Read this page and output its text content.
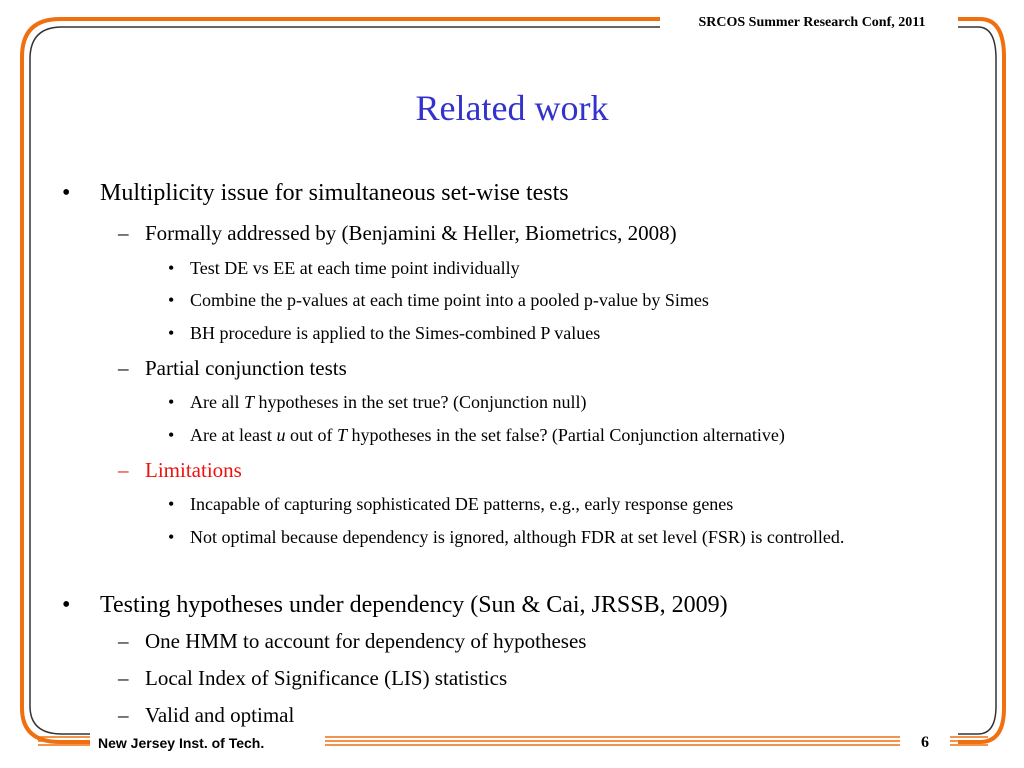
SRCOS Summer Research Conf, 2011
Related work
• Multiplicity issue for simultaneous set-wise tests
– Formally addressed by (Benjamini & Heller, Biometrics, 2008)
• Test DE vs EE at each time point individually
• Combine the p-values at each time point into a pooled p-value by Simes
• BH procedure is applied to the Simes-combined P values
– Partial conjunction tests
• Are all T hypotheses in the set true? (Conjunction null)
• Are at least u out of T hypotheses in the set false? (Partial Conjunction alternative)
– Limitations
• Incapable of capturing sophisticated DE patterns, e.g., early response genes
• Not optimal because dependency is ignored, although FDR at set level (FSR) is controlled.
• Testing hypotheses under dependency (Sun & Cai, JRSSB, 2009)
– One HMM to account for dependency of hypotheses
– Local Index of Significance (LIS) statistics
– Valid and optimal
New Jersey Inst. of Tech.	6
